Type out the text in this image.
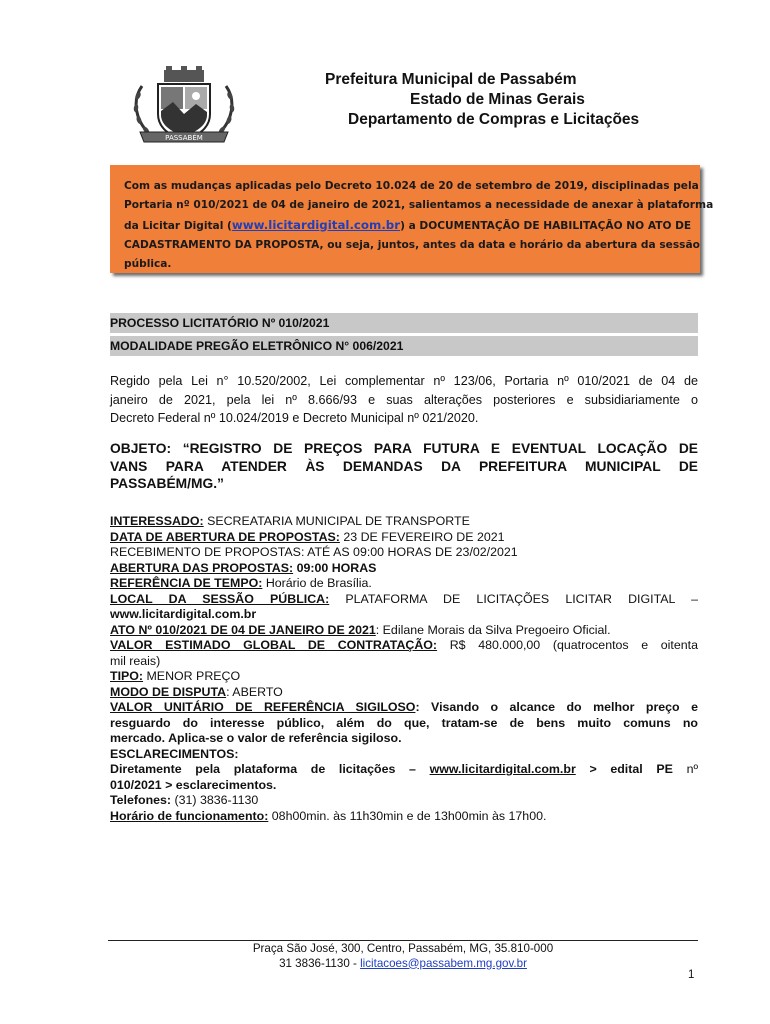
PASSABÉM
Prefeitura Municipal de Passabém
Estado de Minas Gerais
Departamento de Compras e Licitações
Com as mudanças aplicadas pelo Decreto 10.024 de 20 de setembro de 2019, disciplinadas pela
Portaria nº 010/2021 de 04 de janeiro de 2021, salientamos a necessidade de anexar à plataforma
da Licitar Digital (www.licitardigital.com.br) a DOCUMENTAÇÃO DE HABILITAÇÃO NO ATO DE
CADASTRAMENTO DA PROPOSTA, ou seja, juntos, antes da data e horário da abertura da sessão
pública.
PROCESSO LICITATÓRIO Nº 010/2021
MODALIDADE PREGÃO ELETRÔNICO N° 006/2021
Regido pela Lei n° 10.520/2002, Lei complementar nº 123/06, Portaria nº 010/2021 de 04 de
janeiro de 2021, pela lei nº 8.666/93 e suas alterações posteriores e subsidiariamente o
Decreto Federal nº 10.024/2019 e Decreto Municipal nº 021/2020.
OBJETO: “REGISTRO DE PREÇOS PARA FUTURA E EVENTUAL LOCAÇÃO DE
VANS PARA ATENDER ÀS DEMANDAS DA PREFEITURA MUNICIPAL DE
PASSABÉM/MG.”
INTERESSADO: SECREATARIA MUNICIPAL DE TRANSPORTE
DATA DE ABERTURA DE PROPOSTAS: 23 DE FEVEREIRO DE 2021
RECEBIMENTO DE PROPOSTAS: ATÉ AS 09:00 HORAS DE 23/02/2021
ABERTURA DAS PROPOSTAS: 09:00 HORAS
REFERÊNCIA DE TEMPO: Horário de Brasília.
LOCAL DA SESSÃO PÚBLICA: PLATAFORMA DE LICITAÇÕES LICITAR DIGITAL –
www.licitardigital.com.br
ATO Nº 010/2021 DE 04 DE JANEIRO DE 2021: Edilane Morais da Silva Pregoeiro Oficial.
VALOR ESTIMADO GLOBAL DE CONTRATAÇÃO: R$ 480.000,00 (quatrocentos e oitenta
mil reais)
TIPO: MENOR PREÇO
MODO DE DISPUTA: ABERTO
VALOR UNITÁRIO DE REFERÊNCIA SIGILOSO: Visando o alcance do melhor preço e
resguardo do interesse público, além do que, tratam-se de bens muito comuns no
mercado. Aplica-se o valor de referência sigiloso.
ESCLARECIMENTOS:
Diretamente pela plataforma de licitações – www.licitardigital.com.br > edital PE nº
010/2021 > esclarecimentos.
Telefones: (31) 3836-1130
Horário de funcionamento: 08h00min. às 11h30min e de 13h00min às 17h00.
Praça São José, 300, Centro, Passabém, MG, 35.810-000
31 3836-1130 - licitacoes@passabem.mg.gov.br
1
